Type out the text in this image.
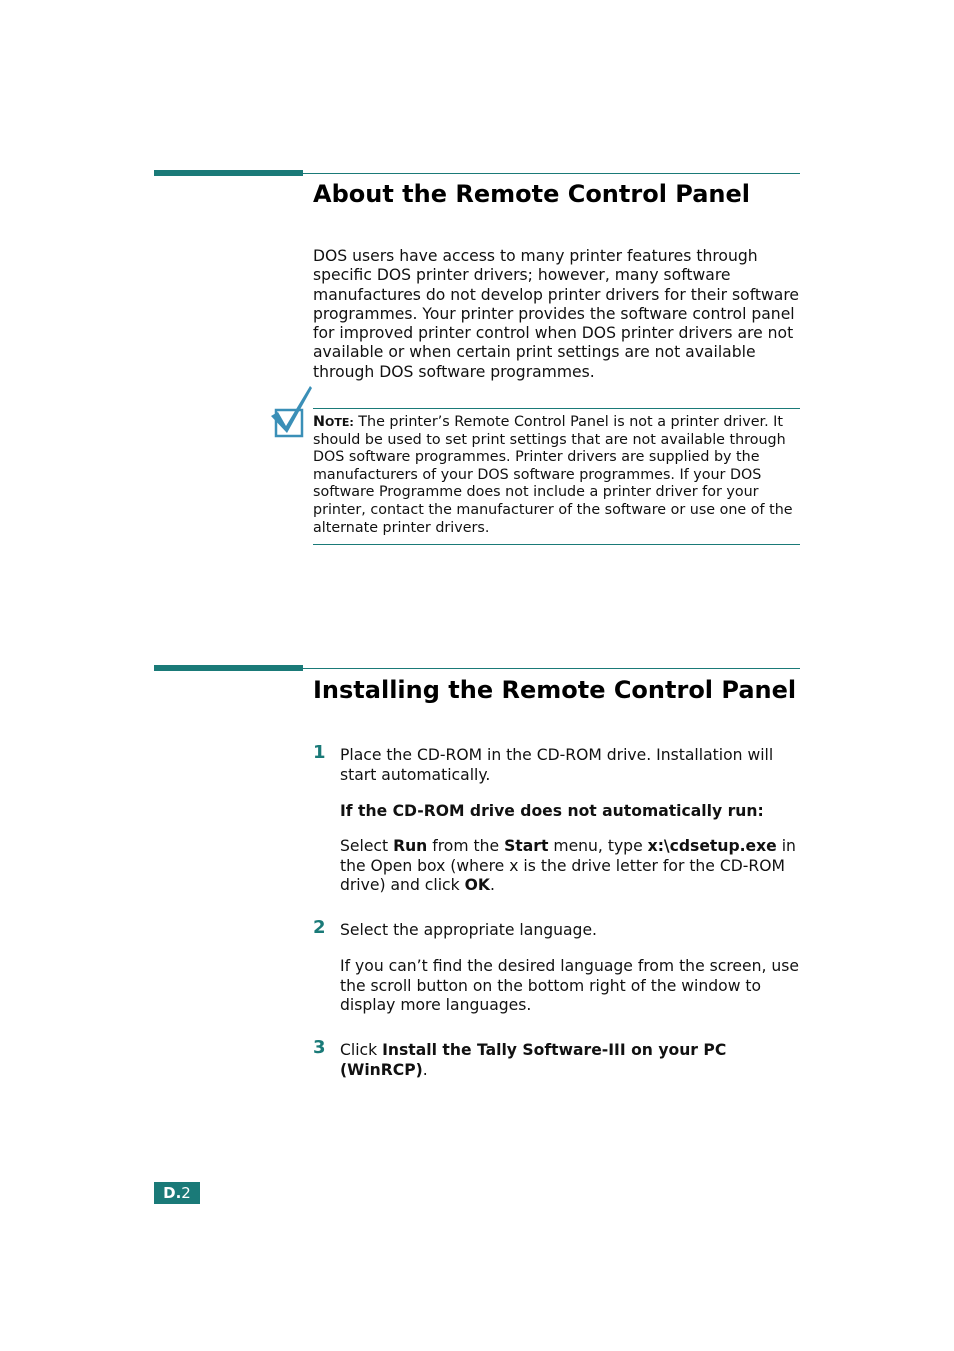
About the Remote Control Panel

DOS users have access to many printer features through specific DOS printer drivers; however, many software manufactures do not develop printer drivers for their software programmes. Your printer provides the software control panel for improved printer control when DOS printer drivers are not available or when certain print settings are not available through DOS software programmes.

NOTE: The printer’s Remote Control Panel is not a printer driver. It should be used to set print settings that are not available through DOS software programmes. Printer drivers are supplied by the manufacturers of your DOS software programmes. If your DOS software Programme does not include a printer driver for your printer, contact the manufacturer of the software or use one of the alternate printer drivers.

Installing the Remote Control Panel
1 Place the CD-ROM in the CD-ROM drive. Installation will start automatically.

If the CD-ROM drive does not automatically run:

Select Run from the Start menu, type x:\cdsetup.exe in the Open box (where x is the drive letter for the CD-ROM drive) and click OK.

2 Select the appropriate language.

If you can’t find the desired language from the screen, use the scroll button on the bottom right of the window to display more languages.

3 Click Install the Tally Software-III on your PC (WinRCP).

D.2
